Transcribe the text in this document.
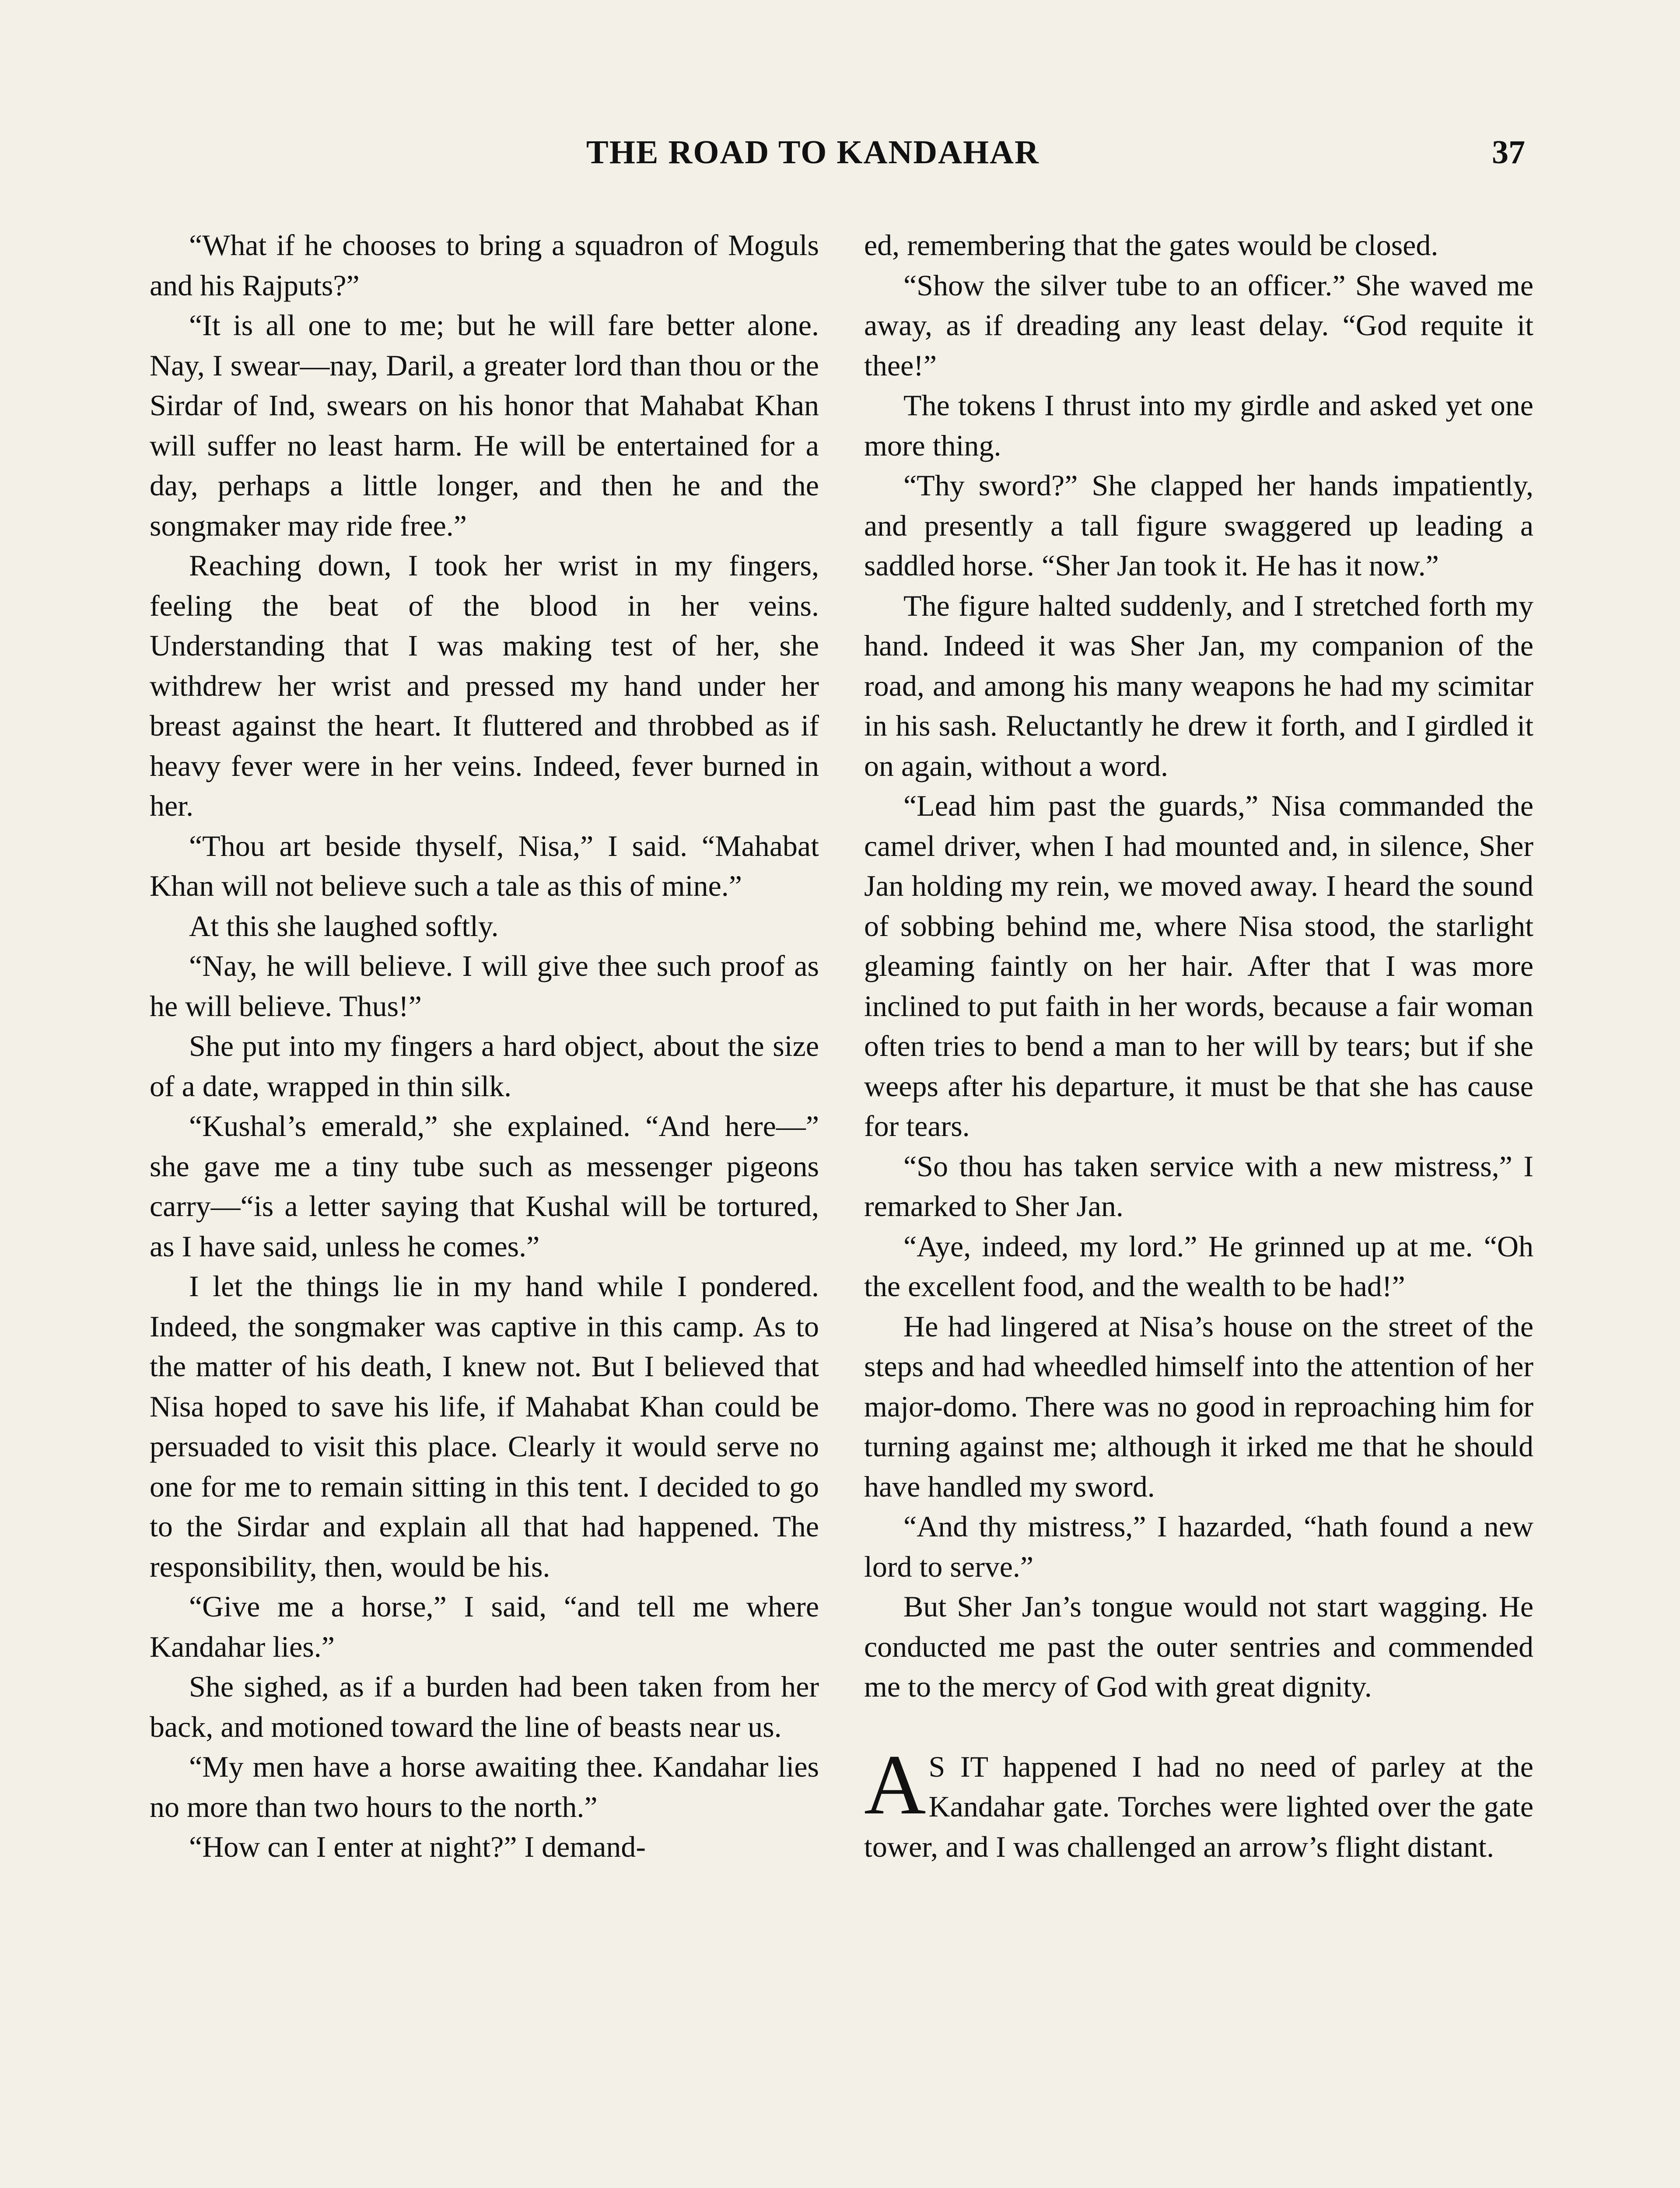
THE ROAD TO KANDAHAR	37

“What if he chooses to bring a squadron of Moguls and his Rajputs?”

“It is all one to me; but he will fare better alone. Nay, I swear—nay, Daril, a greater lord than thou or the Sirdar of Ind, swears on his honor that Mahabat Khan will suffer no least harm. He will be entertained for a day, perhaps a little longer, and then he and the songmaker may ride free.”

Reaching down, I took her wrist in my fingers, feeling the beat of the blood in her veins. Understanding that I was making test of her, she withdrew her wrist and pressed my hand under her breast against the heart. It fluttered and throbbed as if heavy fever were in her veins. Indeed, fever burned in her.

“Thou art beside thyself, Nisa,” I said. “Mahabat Khan will not believe such a tale as this of mine.”

At this she laughed softly.

“Nay, he will believe. I will give thee such proof as he will believe. Thus!”

She put into my fingers a hard object, about the size of a date, wrapped in thin silk.

“Kushal’s emerald,” she explained. “And here—” she gave me a tiny tube such as messenger pigeons carry—“is a letter saying that Kushal will be tortured, as I have said, unless he comes.”

I let the things lie in my hand while I pondered. Indeed, the songmaker was captive in this camp. As to the matter of his death, I knew not. But I believed that Nisa hoped to save his life, if Mahabat Khan could be persuaded to visit this place. Clearly it would serve no one for me to remain sitting in this tent. I decided to go to the Sirdar and explain all that had happened. The responsibility, then, would be his.

“Give me a horse,” I said, “and tell me where Kandahar lies.”

She sighed, as if a burden had been taken from her back, and motioned toward the line of beasts near us.

“My men have a horse awaiting thee. Kandahar lies no more than two hours to the north.”

“How can I enter at night?” I demand-

ed, remembering that the gates would be closed.

“Show the silver tube to an officer.” She waved me away, as if dreading any least delay. “God requite it thee!”

The tokens I thrust into my girdle and asked yet one more thing.

“Thy sword?” She clapped her hands impatiently, and presently a tall figure swaggered up leading a saddled horse. “Sher Jan took it. He has it now.”

The figure halted suddenly, and I stretched forth my hand. Indeed it was Sher Jan, my companion of the road, and among his many weapons he had my scimitar in his sash. Reluctantly he drew it forth, and I girdled it on again, without a word.

“Lead him past the guards,” Nisa commanded the camel driver, when I had mounted and, in silence, Sher Jan holding my rein, we moved away. I heard the sound of sobbing behind me, where Nisa stood, the starlight gleaming faintly on her hair. After that I was more inclined to put faith in her words, because a fair woman often tries to bend a man to her will by tears; but if she weeps after his departure, it must be that she has cause for tears.

“So thou has taken service with a new mistress,” I remarked to Sher Jan.

“Aye, indeed, my lord.” He grinned up at me. “Oh the excellent food, and the wealth to be had!”

He had lingered at Nisa’s house on the street of the steps and had wheedled himself into the attention of her major-domo. There was no good in reproaching him for turning against me; although it irked me that he should have handled my sword.

“And thy mistress,” I hazarded, “hath found a new lord to serve.”

But Sher Jan’s tongue would not start wagging. He conducted me past the outer sentries and commended me to the mercy of God with great dignity.

A S IT happened I had no need of parley at the Kandahar gate. Torches were lighted over the gate tower, and I was challenged an arrow’s flight distant.
